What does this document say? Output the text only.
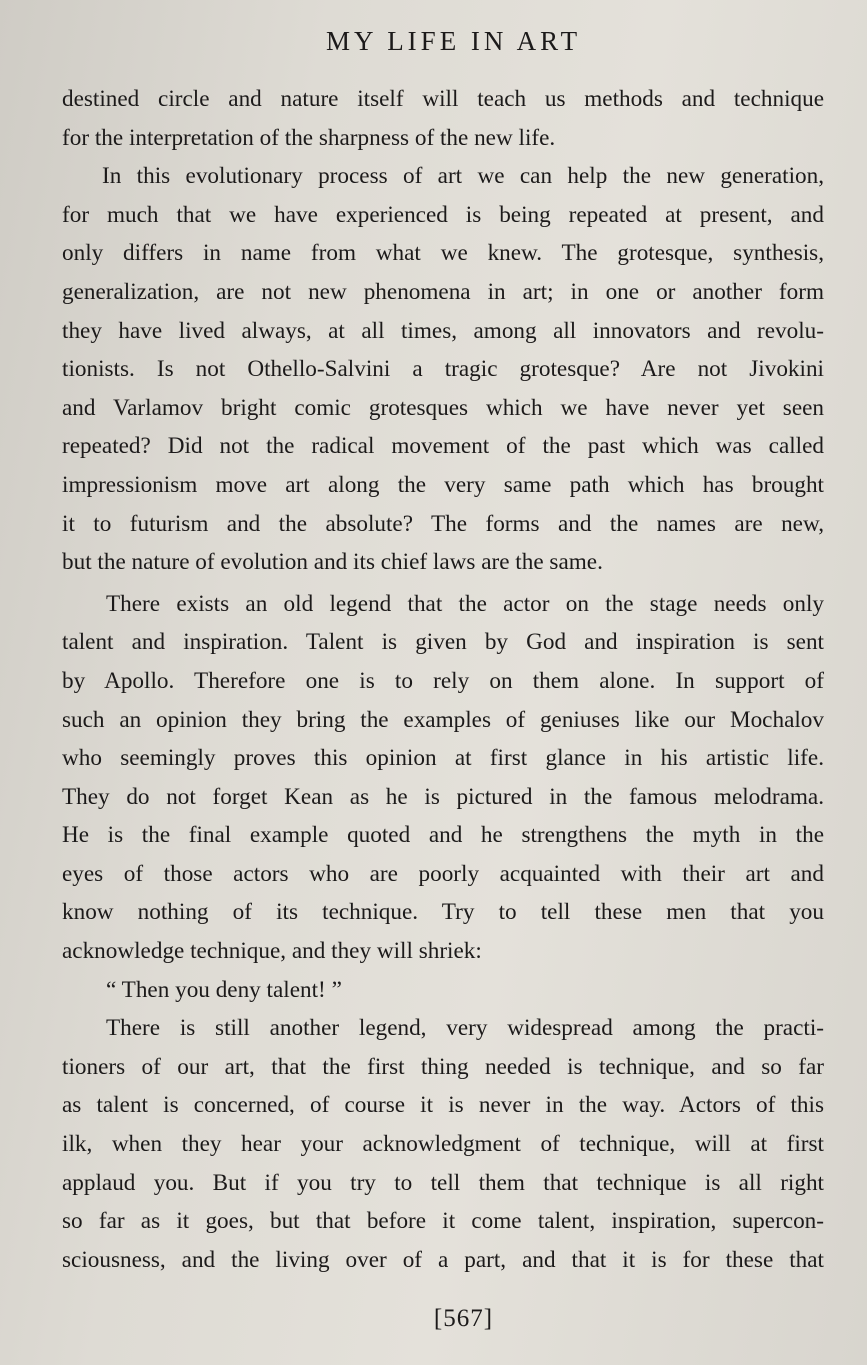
MY LIFE IN ART
destined circle and nature itself will teach us methods and technique
for the interpretation of the sharpness of the new life.
In this evolutionary process of art we can help the new generation,
for much that we have experienced is being repeated at present, and
only differs in name from what we knew. The grotesque, synthesis,
generalization, are not new phenomena in art; in one or another form
they have lived always, at all times, among all innovators and revolu-
tionists. Is not Othello-Salvini a tragic grotesque? Are not Jivokini
and Varlamov bright comic grotesques which we have never yet seen
repeated? Did not the radical movement of the past which was called
impressionism move art along the very same path which has brought
it to futurism and the absolute? The forms and the names are new,
but the nature of evolution and its chief laws are the same.
There exists an old legend that the actor on the stage needs only
talent and inspiration. Talent is given by God and inspiration is sent
by Apollo. Therefore one is to rely on them alone. In support of
such an opinion they bring the examples of geniuses like our Mochalov
who seemingly proves this opinion at first glance in his artistic life.
They do not forget Kean as he is pictured in the famous melodrama.
He is the final example quoted and he strengthens the myth in the
eyes of those actors who are poorly acquainted with their art and
know nothing of its technique. Try to tell these men that you
acknowledge technique, and they will shriek:
“ Then you deny talent! ”
There is still another legend, very widespread among the practi-
tioners of our art, that the first thing needed is technique, and so far
as talent is concerned, of course it is never in the way. Actors of this
ilk, when they hear your acknowledgment of technique, will at first
applaud you. But if you try to tell them that technique is all right
so far as it goes, but that before it come talent, inspiration, supercon-
sciousness, and the living over of a part, and that it is for these that
[567]
